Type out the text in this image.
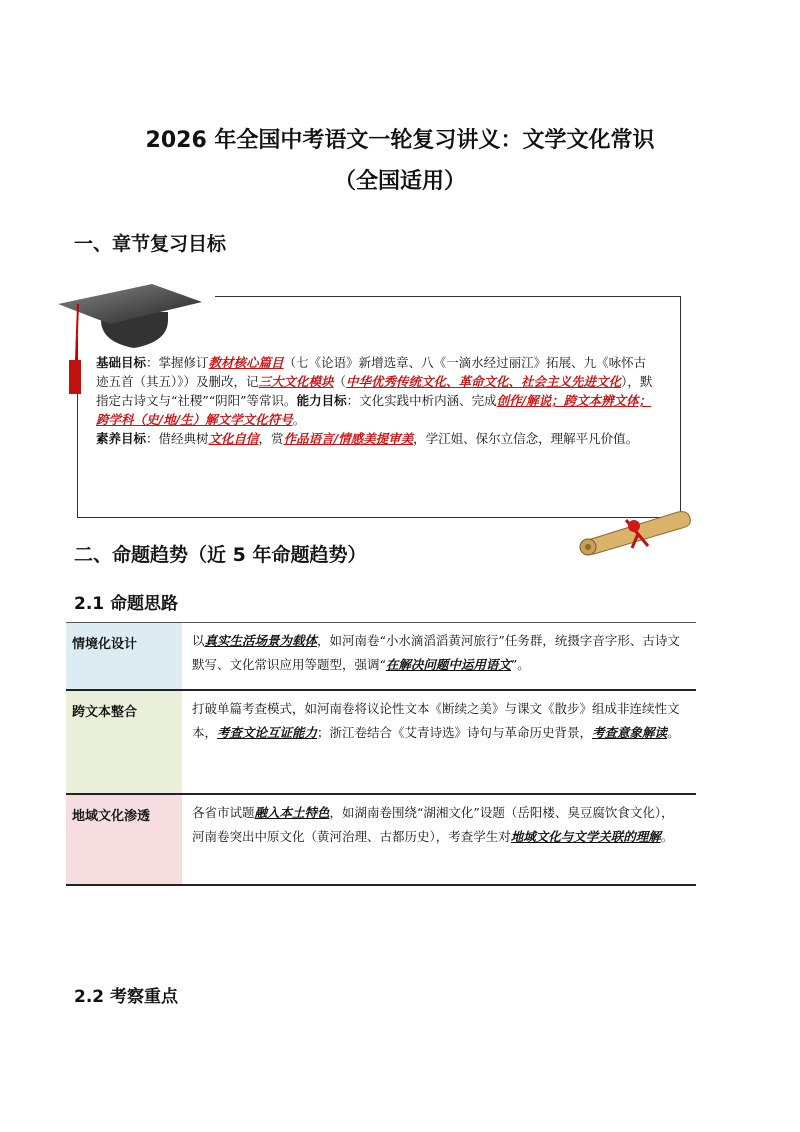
2026 年全国中考语文一轮复习讲义：文学文化常识
（全国适用）
一、章节复习目标
基础目标：掌握修订教材核心篇目（七《论语》新增选章、八《一滴水经过丽江》拓展、九《咏怀古迹五首（其五）》）及删改，记三大文化模块（中华优秀传统文化、革命文化、社会主义先进文化），默指定古诗文与“社稷”“阴阳”等常识。能力目标：文化实践中析内涵、完成创作/解说；跨文本辨文体；跨学科（史/地/生）解文学文化符号。
素养目标：借经典树文化自信，赏作品语言/情感美提审美，学江姐、保尔立信念，理解平凡价值。
二、命题趋势（近 5 年命题趋势）
2.1 命题思路
情境化设计	以真实生活场景为载体，如河南卷“小水滴滔滔黄河旅行”任务群，统摄字音字形、古诗文默写、文化常识应用等题型，强调“在解决问题中运用语文”。
跨文本整合	打破单篇考查模式，如河南卷将议论性文本《断续之美》与课文《散步》组成非连续性文本，考查文论互证能力；浙江卷结合《艾青诗选》诗句与革命历史背景，考查意象解读。
地域文化渗透	各省市试题融入本土特色，如湖南卷围绕“湖湘文化”设题（岳阳楼、臭豆腐饮食文化），河南卷突出中原文化（黄河治理、古都历史），考查学生对地域文化与文学关联的理解。
2.2 考察重点
